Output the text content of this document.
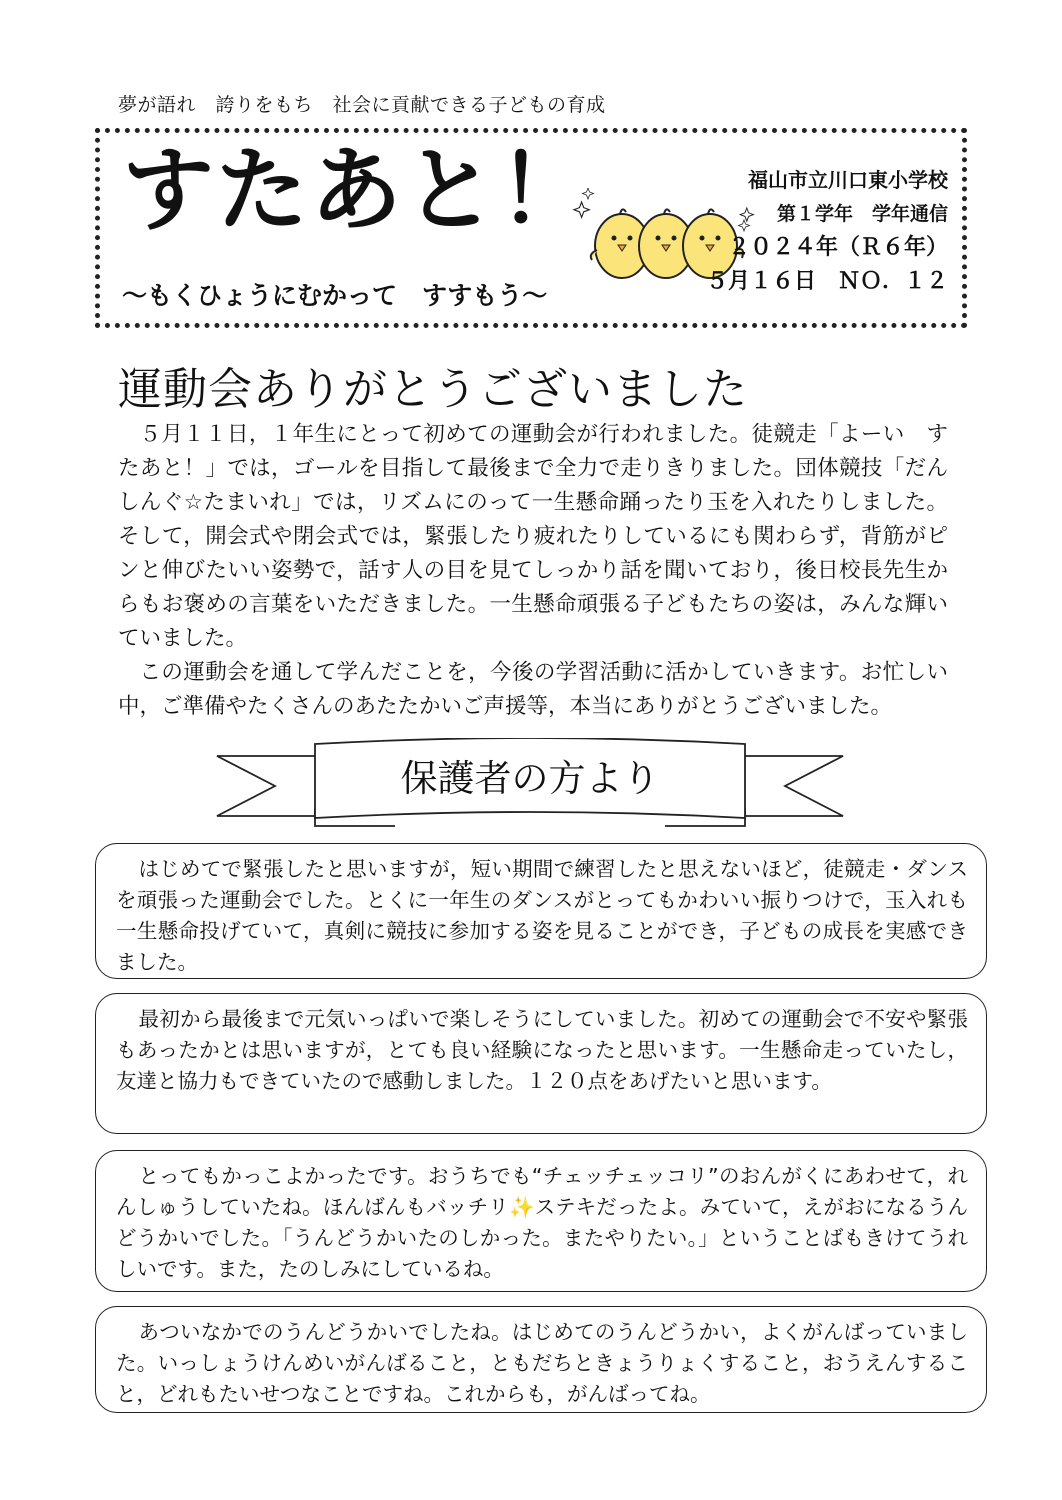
夢が語れ　誇りをもち　社会に貢献できる子どもの育成
すたあと！
～もくひょうにむかって　すすもう～
福山市立川口東小学校
第１学年　学年通信
２０２４年（Ｒ６年）
５月１６日　ＮＯ．１２
運動会ありがとうございました

５月１１日，１年生にとって初めての運動会が行われました。徒競走「よーい　すたあと！」では，ゴールを目指して最後まで全力で走りきりました。団体競技「だんしんぐ☆たまいれ」では，リズムにのって一生懸命踊ったり玉を入れたりしました。そして，開会式や閉会式では，緊張したり疲れたりしているにも関わらず，背筋がピンと伸びたいい姿勢で，話す人の目を見てしっかり話を聞いており，後日校長先生からもお褒めの言葉をいただきました。一生懸命頑張る子どもたちの姿は，みんな輝いていました。

この運動会を通して学んだことを，今後の学習活動に活かしていきます。お忙しい中，ご準備やたくさんのあたたかいご声援等，本当にありがとうございました。

保護者の方より

はじめてで緊張したと思いますが，短い期間で練習したと思えないほど，徒競走・ダンスを頑張った運動会でした。とくに一年生のダンスがとってもかわいい振りつけで，玉入れも一生懸命投げていて，真剣に競技に参加する姿を見ることができ，子どもの成長を実感できました。

最初から最後まで元気いっぱいで楽しそうにしていました。初めての運動会で不安や緊張もあったかとは思いますが，とても良い経験になったと思います。一生懸命走っていたし，友達と協力もできていたので感動しました。１２０点をあげたいと思います。

とってもかっこよかったです。おうちでも“チェッチェッコリ”のおんがくにあわせて，れんしゅうしていたね。ほんばんもバッチリ✨ステキだったよ。みていて，えがおになるうんどうかいでした。「うんどうかいたのしかった。またやりたい。」ということばもきけてうれしいです。また，たのしみにしているね。

あついなかでのうんどうかいでしたね。はじめてのうんどうかい，よくがんばっていました。いっしょうけんめいがんばること，ともだちときょうりょくすること，おうえんすること，どれもたいせつなことですね。これからも，がんばってね。
